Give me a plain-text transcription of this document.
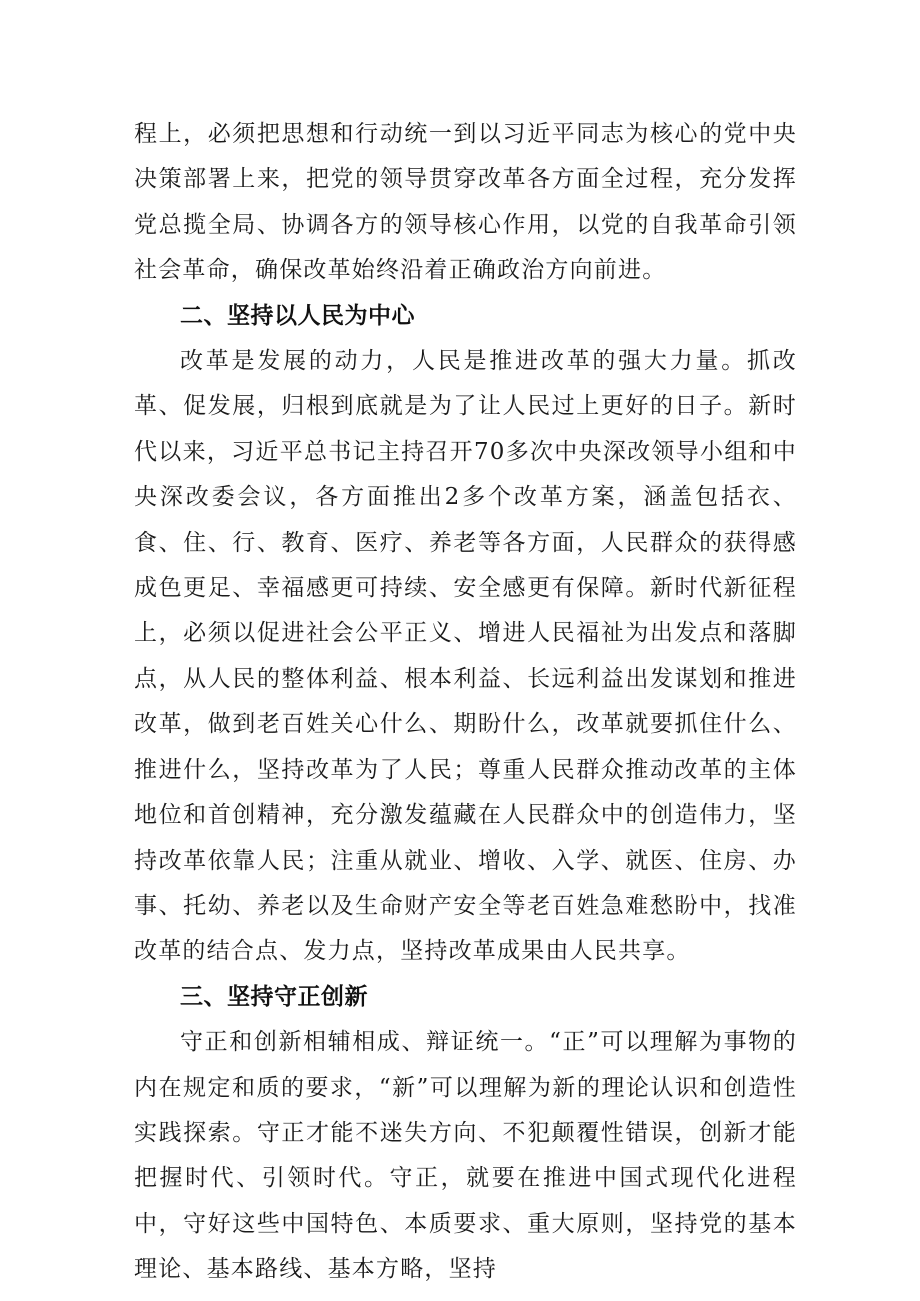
程上，必须把思想和行动统一到以习近平同志为核心的党中央决策部署上来，把党的领导贯穿改革各方面全过程，充分发挥党总揽全局、协调各方的领导核心作用，以党的自我革命引领社会革命，确保改革始终沿着正确政治方向前进。

二、坚持以人民为中心

改革是发展的动力，人民是推进改革的强大力量。抓改革、促发展，归根到底就是为了让人民过上更好的日子。新时代以来，习近平总书记主持召开70多次中央深改领导小组和中央深改委会议，各方面推出2多个改革方案，涵盖包括衣、食、住、行、教育、医疗、养老等各方面，人民群众的获得感成色更足、幸福感更可持续、安全感更有保障。新时代新征程上，必须以促进社会公平正义、增进人民福祉为出发点和落脚点，从人民的整体利益、根本利益、长远利益出发谋划和推进改革，做到老百姓关心什么、期盼什么，改革就要抓住什么、推进什么，坚持改革为了人民；尊重人民群众推动改革的主体地位和首创精神，充分激发蕴藏在人民群众中的创造伟力，坚持改革依靠人民；注重从就业、增收、入学、就医、住房、办事、托幼、养老以及生命财产安全等老百姓急难愁盼中，找准改革的结合点、发力点，坚持改革成果由人民共享。

三、坚持守正创新

守正和创新相辅相成、辩证统一。“正”可以理解为事物的内在规定和质的要求，“新”可以理解为新的理论认识和创造性实践探索。守正才能不迷失方向、不犯颠覆性错误，创新才能把握时代、引领时代。守正，就要在推进中国式现代化进程中，守好这些中国特色、本质要求、重大原则，坚持党的基本理论、基本路线、基本方略，坚持
